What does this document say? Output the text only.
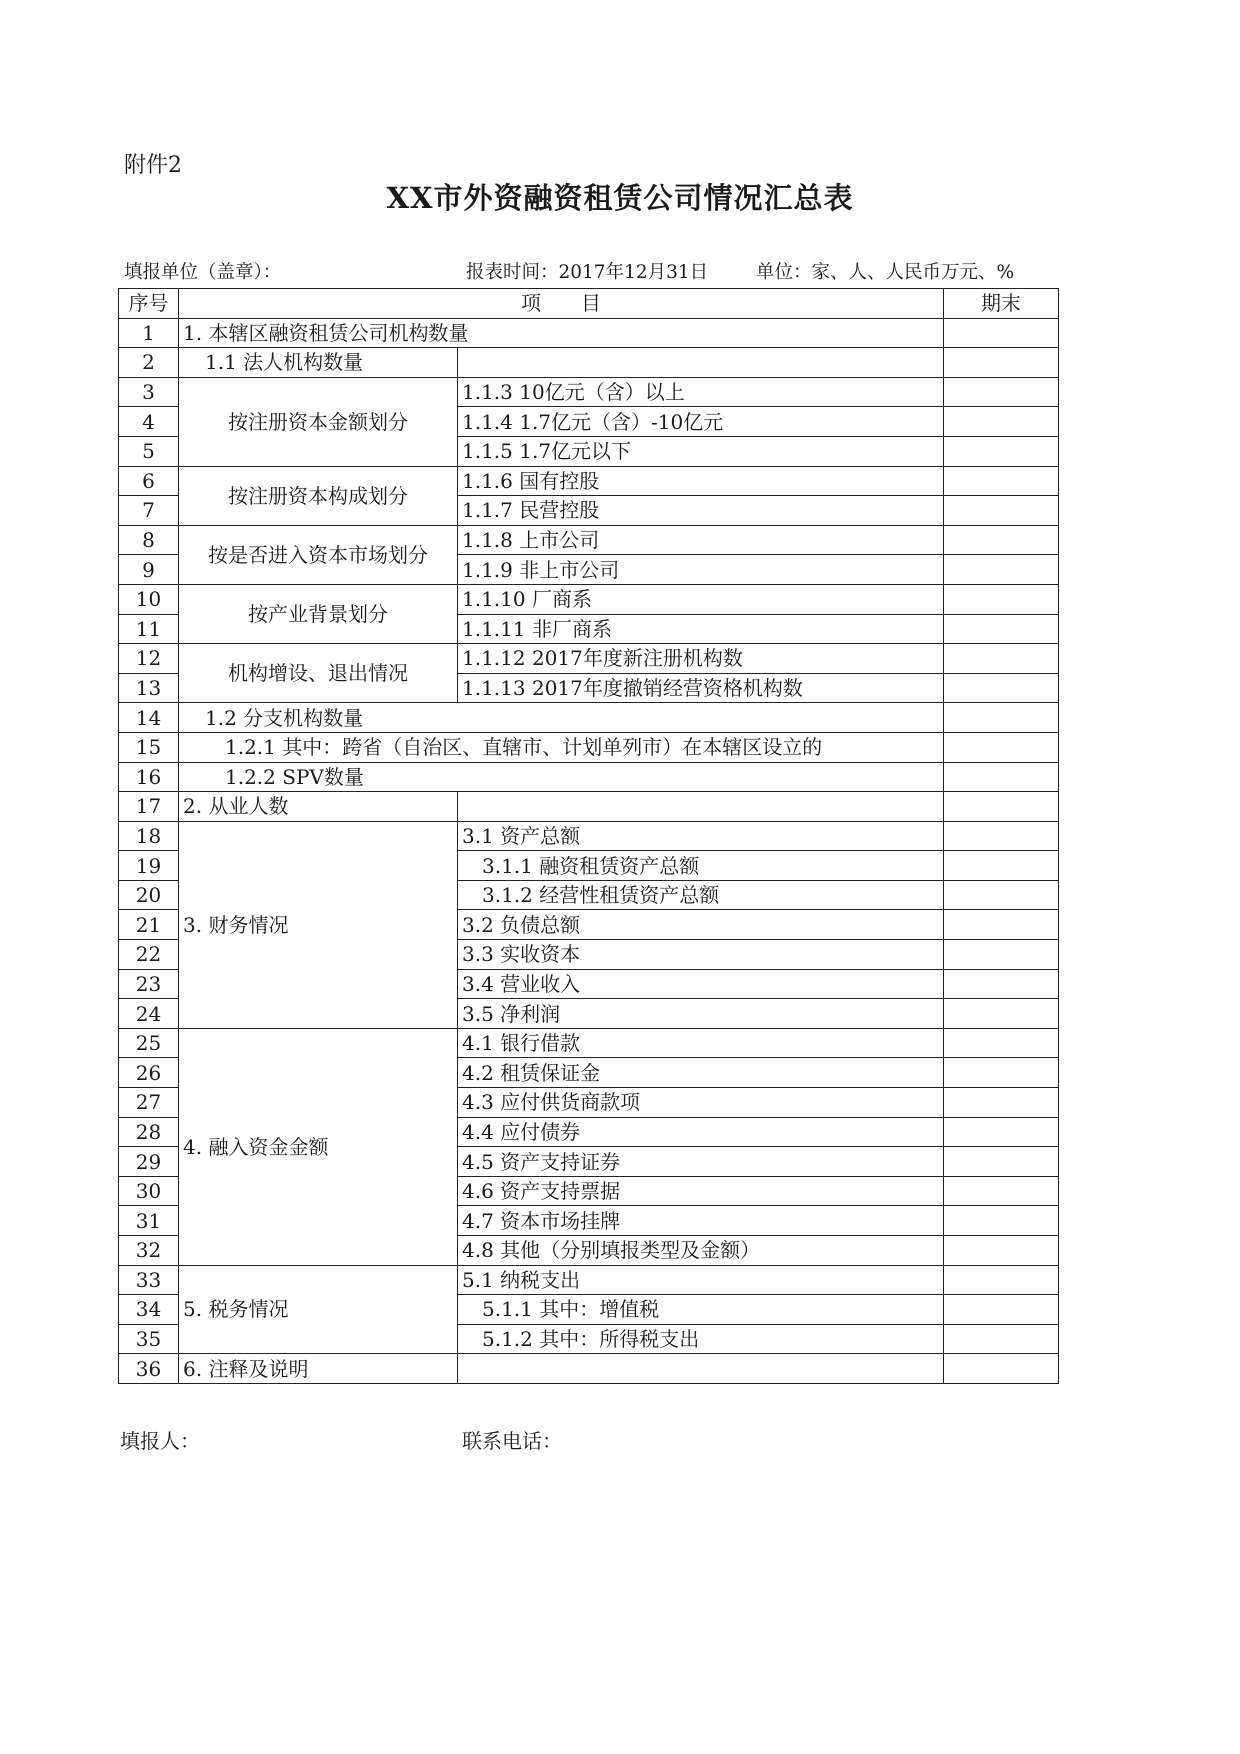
附件2
XX市外资融资租赁公司情况汇总表
填报单位（盖章）：	报表时间：2017年12月31日	单位：家、人、人民币万元、%
序号	项　　目		期末
1	1. 本辖区融资租赁公司机构数量		
2	1.1 法人机构数量		
3	按注册资本金额划分	1.1.3 10亿元（含）以上	
4		1.1.4 1.7亿元（含）-10亿元	
5		1.1.5 1.7亿元以下	
6	按注册资本构成划分	1.1.6 国有控股	
7		1.1.7 民营控股	
8	按是否进入资本市场划分	1.1.8 上市公司	
9		1.1.9 非上市公司	
10	按产业背景划分	1.1.10 厂商系	
11		1.1.11 非厂商系	
12	机构增设、退出情况	1.1.12 2017年度新注册机构数	
13		1.1.13 2017年度撤销经营资格机构数	
14	1.2 分支机构数量		
15	1.2.1 其中：跨省（自治区、直辖市、计划单列市）在本辖区设立的		
16	1.2.2 SPV数量		
17	2. 从业人数		
18	3. 财务情况	3.1 资产总额	
19		3.1.1 融资租赁资产总额	
20		3.1.2 经营性租赁资产总额	
21		3.2 负债总额	
22		3.3 实收资本	
23		3.4 营业收入	
24		3.5 净利润	
25	4. 融入资金金额	4.1 银行借款	
26		4.2 租赁保证金	
27		4.3 应付供货商款项	
28		4.4 应付债券	
29		4.5 资产支持证券	
30		4.6 资产支持票据	
31		4.7 资本市场挂牌	
32		4.8 其他（分别填报类型及金额）	
33	5. 税务情况	5.1 纳税支出	
34		5.1.1 其中：增值税	
35		5.1.2 其中：所得税支出	
36	6. 注释及说明		
填报人：	联系电话：
